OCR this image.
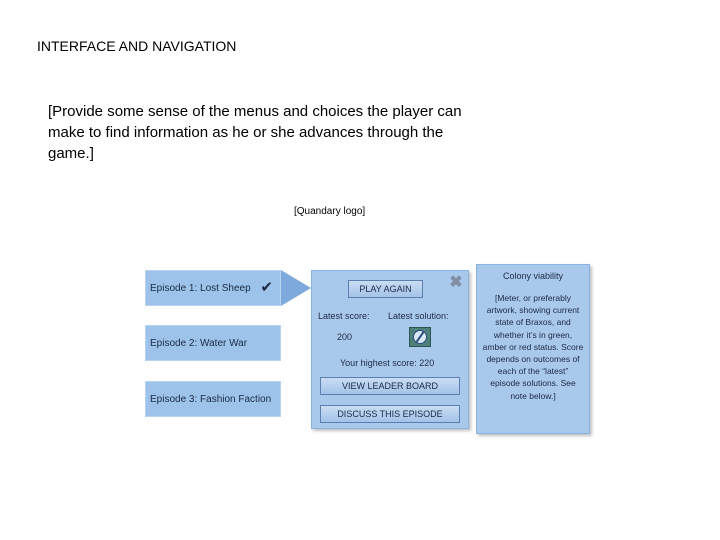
INTERFACE AND NAVIGATION
[Provide some sense of the menus and choices the player can make to find information as he or she advances through the game.]
[Quandary logo]
Episode 1: Lost Sheep ✔
Episode 2: Water War
Episode 3: Fashion Faction
PLAY AGAIN	✖
Latest score: Latest solution:
200
Your highest score: 220
VIEW LEADER BOARD
DISCUSS THIS EPISODE
Colony viability
[Meter, or preferably artwork, showing current state of Braxos, and whether it’s in green, amber or red status. Score depends on outcomes of each of the “latest” episode solutions. See note below.]
